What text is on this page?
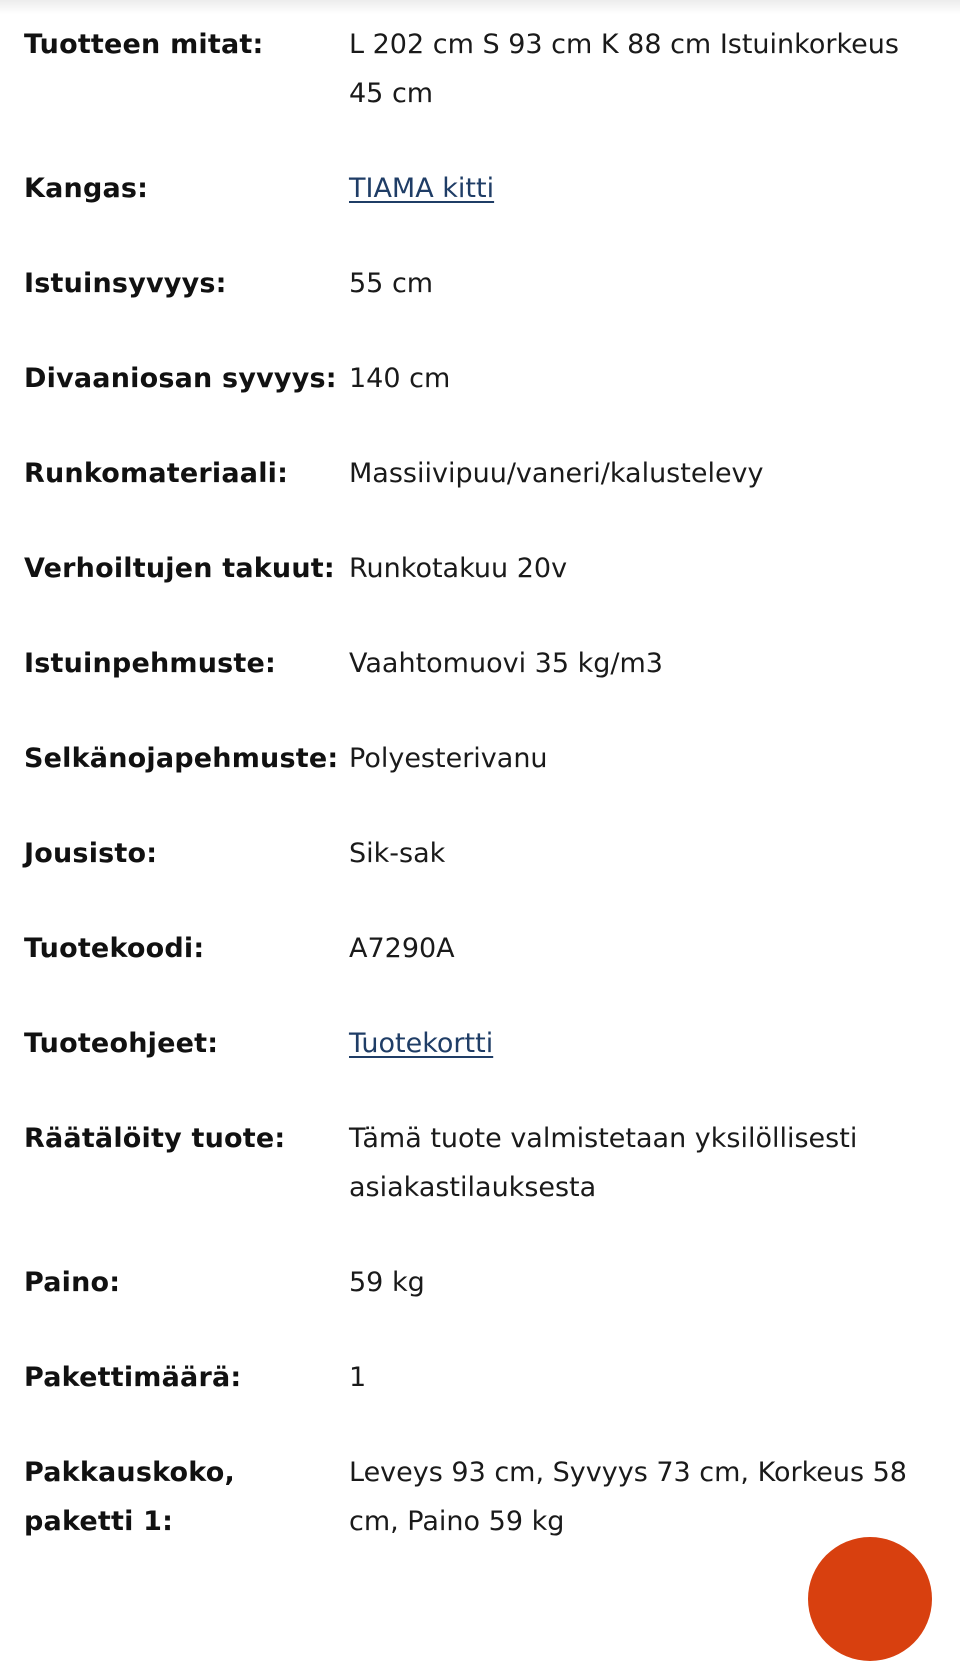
Tuotteen mitat:	L 202 cm S 93 cm K 88 cm Istuinkorkeus 45 cm
Kangas:	TIAMA kitti
Istuinsyvyys:	55 cm
Divaaniosan syvyys: 140 cm
Runkomateriaali:	Massiivipuu/vaneri/kalustelevy
Verhoiltujen takuut: Runkotakuu 20v
Istuinpehmuste:	Vaahtomuovi 35 kg/m3
Selkänojapehmuste: Polyesterivanu
Jousisto:	Sik-sak
Tuotekoodi:	A7290A
Tuoteohjeet:	Tuotekortti
Räätälöity tuote:	Tämä tuote valmistetaan yksilöllisesti asiakastilauksesta
Paino:	59 kg
Pakettimäärä:	1
Pakkauskoko, paketti 1:
Leveys 93 cm, Syvyys 73 cm, Korkeus 58 cm, Paino 59 kg
